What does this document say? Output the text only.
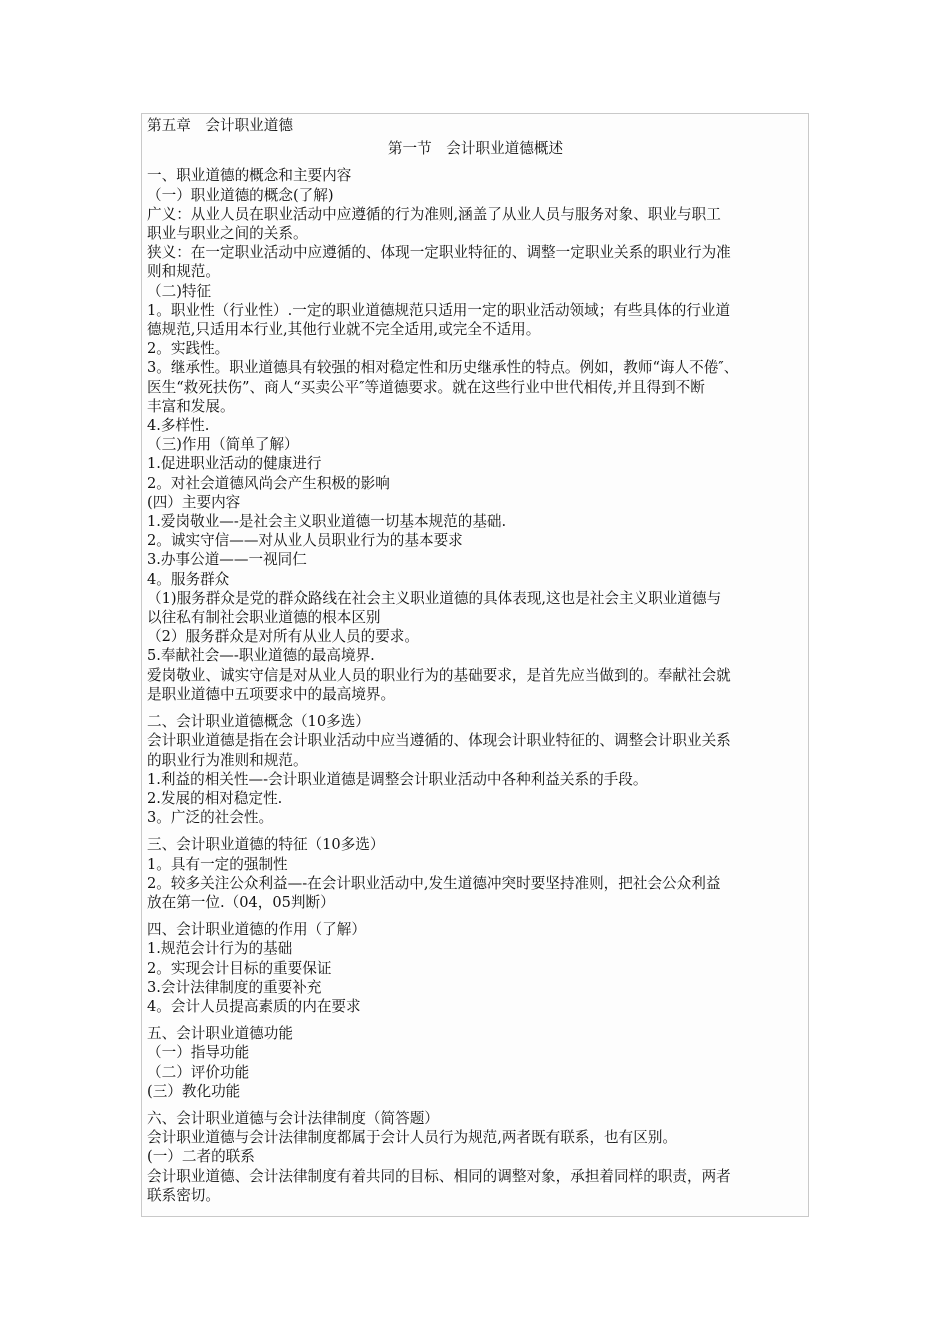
第五章　会计职业道德
第一节　会计职业道德概述
一、职业道德的概念和主要内容
（一）职业道德的概念(了解)
广义：从业人员在职业活动中应遵循的行为准则,涵盖了从业人员与服务对象、职业与职工
职业与职业之间的关系。
狭义：在一定职业活动中应遵循的、体现一定职业特征的、调整一定职业关系的职业行为准
则和规范。
（二)特征
1。职业性（行业性）.一定的职业道德规范只适用一定的职业活动领域；有些具体的行业道
德规范,只适用本行业,其他行业就不完全适用,或完全不适用。
2。实践性。
3。继承性。职业道德具有较强的相对稳定性和历史继承性的特点。例如，教师“诲人不倦″、
医生“救死扶伤”、商人“买卖公平″等道德要求。就在这些行业中世代相传,并且得到不断
丰富和发展。
4.多样性.
（三)作用（简单了解）
1.促进职业活动的健康进行
2。对社会道德风尚会产生积极的影响
(四）主要内容
1.爱岗敬业—-是社会主义职业道德一切基本规范的基础.
2。诚实守信——对从业人员职业行为的基本要求
3.办事公道——一视同仁
4。服务群众
（1)服务群众是党的群众路线在社会主义职业道德的具体表现,这也是社会主义职业道德与
以往私有制社会职业道德的根本区别
（2）服务群众是对所有从业人员的要求。
5.奉献社会—-职业道德的最高境界.
爱岗敬业、诚实守信是对从业人员的职业行为的基础要求，是首先应当做到的。奉献社会就
是职业道德中五项要求中的最高境界。
二、会计职业道德概念（10多选）
会计职业道德是指在会计职业活动中应当遵循的、体现会计职业特征的、调整会计职业关系
的职业行为准则和规范。
1.利益的相关性—-会计职业道德是调整会计职业活动中各种利益关系的手段。
2.发展的相对稳定性.
3。广泛的社会性。
三、会计职业道德的特征（10多选）
1。具有一定的强制性
2。较多关注公众利益—-在会计职业活动中,发生道德冲突时要坚持准则，把社会公众利益
放在第一位.（04，05判断）
四、会计职业道德的作用（了解）
1.规范会计行为的基础
2。实现会计目标的重要保证
3.会计法律制度的重要补充
4。会计人员提高素质的内在要求
五、会计职业道德功能
（一）指导功能
（二）评价功能
(三）教化功能
六、会计职业道德与会计法律制度（简答题）
会计职业道德与会计法律制度都属于会计人员行为规范,两者既有联系，也有区别。
(一）二者的联系
会计职业道德、会计法律制度有着共同的目标、相同的调整对象，承担着同样的职责，两者
联系密切。
